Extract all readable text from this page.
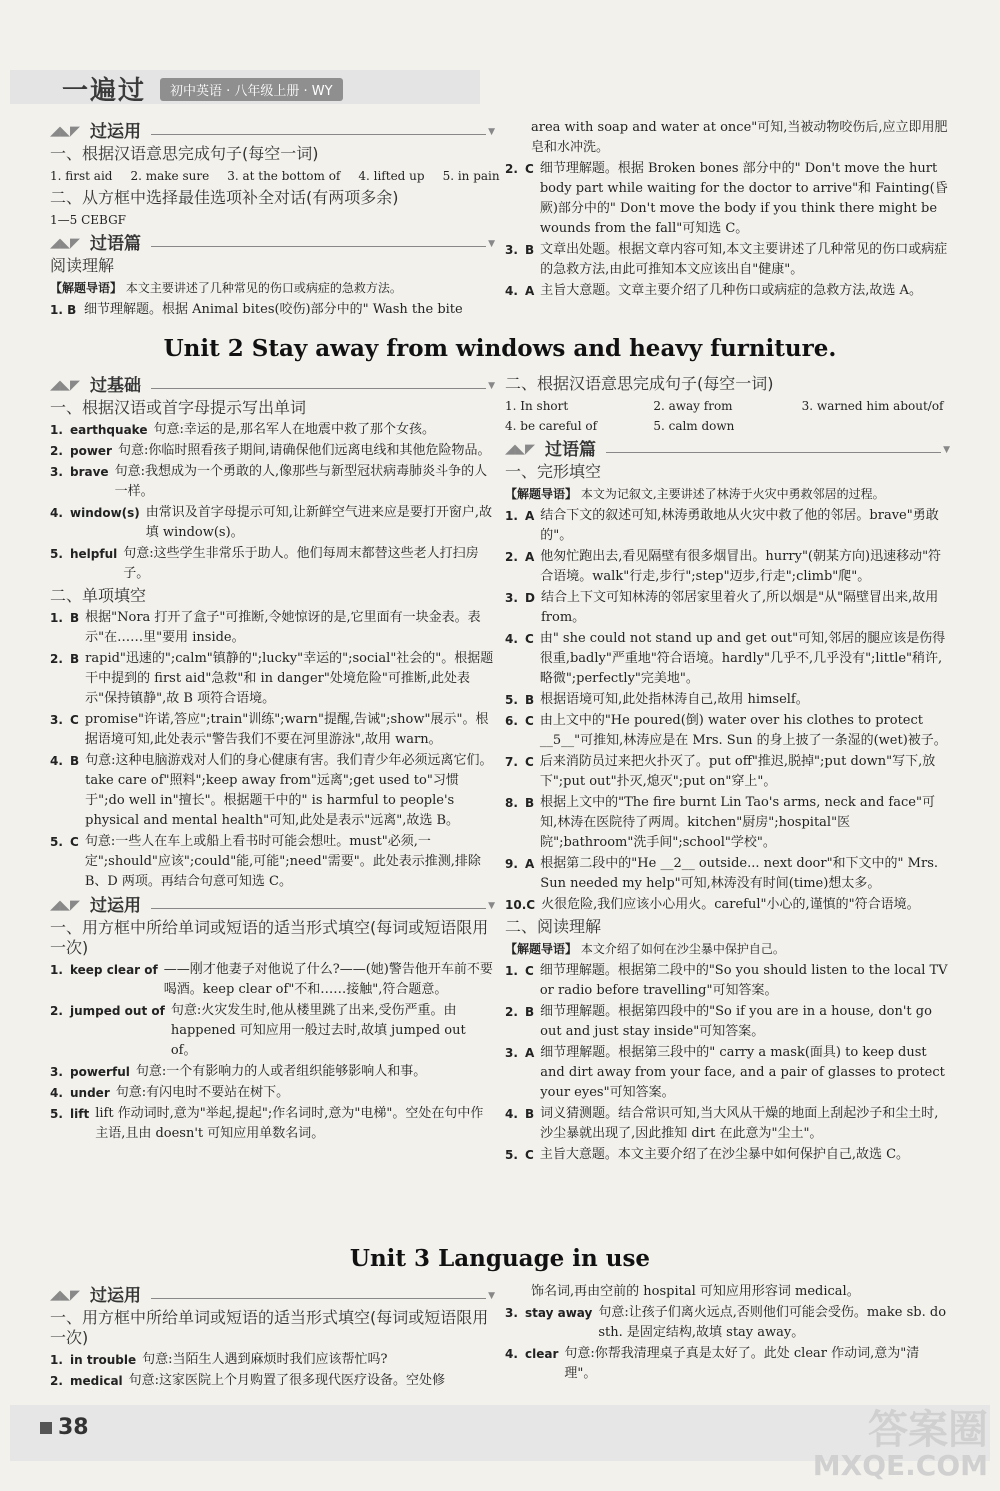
一遍过	初中英语 · 八年级上册 · WY
◢◣◤ 过运用	▼
一、根据汉语意思完成句子(每空一词)
1. first aid 2. make sure 3. at the bottom of 4. lifted up 5. in pain
二、从方框中选择最佳选项补全对话(有两项多余)
1—5 CEBGF
◢◣◤ 过语篇	▼
阅读理解
【解题导语】 本文主要讲述了几种常见的伤口或病症的急救方法。
1. B 细节理解题。根据 Animal bites(咬伤)部分中的" Wash the bite
area with soap and water at once"可知,当被动物咬伤后,应立即用肥皂和水冲洗。
2. C 细节理解题。根据 Broken bones 部分中的" Don't move the hurt body part while waiting for the doctor to arrive"和 Fainting(昏厥)部分中的" Don't move the body if you think there might be wounds from the fall"可知选 C。
3. B 文章出处题。根据文章内容可知,本文主要讲述了几种常见的伤口或病症的急救方法,由此可推知本文应该出自"健康"。
4. A 主旨大意题。文章主要介绍了几种伤口或病症的急救方法,故选 A。
Unit 2 Stay away from windows and heavy furniture.
◢◣◤ 过基础	▼
一、根据汉语或首字母提示写出单词
1. earthquake 句意:幸运的是,那名军人在地震中救了那个女孩。
2. power 句意:你临时照看孩子期间,请确保他们远离电线和其他危险物品。
3. brave 句意:我想成为一个勇敢的人,像那些与新型冠状病毒肺炎斗争的人一样。
4. window(s) 由常识及首字母提示可知,让新鲜空气进来应是要打开窗户,故填 window(s)。
5. helpful 句意:这些学生非常乐于助人。他们每周末都替这些老人打扫房子。
二、单项填空
1. B 根据"Nora 打开了盒子"可推断,令她惊讶的是,它里面有一块金表。表示"在……里"要用 inside。
2. B rapid"迅速的";calm"镇静的";lucky"幸运的";social"社会的"。根据题干中提到的 first aid"急救"和 in danger"处境危险"可推断,此处表示"保持镇静",故 B 项符合语境。
3. C promise"许诺,答应";train"训练";warn"提醒,告诫";show"展示"。根据语境可知,此处表示"警告我们不要在河里游泳",故用 warn。
4. B 句意:这种电脑游戏对人们的身心健康有害。我们青少年必须远离它们。take care of"照料";keep away from"远离";get used to"习惯于";do well in"擅长"。根据题干中的" is harmful to people's physical and mental health"可知,此处是表示"远离",故选 B。
5. C 句意:一些人在车上或船上看书时可能会想吐。must"必须,一定";should"应该";could"能,可能";need"需要"。此处表示推测,排除 B、D 两项。再结合句意可知选 C。
◢◣◤ 过运用	▼
一、用方框中所给单词或短语的适当形式填空(每词或短语限用一次)
1. keep clear of ——刚才他妻子对他说了什么?——(她)警告他开车前不要喝酒。keep clear of"不和……接触",符合题意。
2. jumped out of 句意:火灾发生时,他从楼里跳了出来,受伤严重。由 happened 可知应用一般过去时,故填 jumped out of。
3. powerful 句意:一个有影响力的人或者组织能够影响人和事。
4. under 句意:有闪电时不要站在树下。
5. lift lift 作动词时,意为"举起,提起";作名词时,意为"电梯"。空处在句中作主语,且由 doesn't 可知应用单数名词。
二、根据汉语意思完成句子(每空一词)
1. In short	2. away from	3. warned him about/of
4. be careful of	5. calm down
◢◣◤ 过语篇	▼
一、完形填空
【解题导语】 本文为记叙文,主要讲述了林涛于火灾中勇救邻居的过程。
1. A 结合下文的叙述可知,林涛勇敢地从火灾中救了他的邻居。brave"勇敢的"。
2. A 他匆忙跑出去,看见隔壁有很多烟冒出。hurry"(朝某方向)迅速移动"符合语境。walk"行走,步行";step"迈步,行走";climb"爬"。
3. D 结合上下文可知林涛的邻居家里着火了,所以烟是"从"隔壁冒出来,故用 from。
4. C 由" she could not stand up and get out"可知,邻居的腿应该是伤得很重,badly"严重地"符合语境。hardly"几乎不,几乎没有";little"稍许,略微";perfectly"完美地"。
5. B 根据语境可知,此处指林涛自己,故用 himself。
6. C 由上文中的"He poured(倒) water over his clothes to protect __5__"可推知,林涛应是在 Mrs. Sun 的身上披了一条湿的(wet)被子。
7. C 后来消防员过来把火扑灭了。put off"推迟,脱掉";put down"写下,放下";put out"扑灭,熄灭";put on"穿上"。
8. B 根据上文中的"The fire burnt Lin Tao's arms, neck and face"可知,林涛在医院待了两周。kitchen"厨房";hospital"医院";bathroom"洗手间";school"学校"。
9. A 根据第二段中的"He __2__ outside... next door"和下文中的" Mrs. Sun needed my help"可知,林涛没有时间(time)想太多。
10. C 火很危险,我们应该小心用火。careful"小心的,谨慎的"符合语境。
二、阅读理解
【解题导语】 本文介绍了如何在沙尘暴中保护自己。
1. C 细节理解题。根据第二段中的"So you should listen to the local TV or radio before travelling"可知答案。
2. B 细节理解题。根据第四段中的"So if you are in a house, don't go out and just stay inside"可知答案。
3. A 细节理解题。根据第三段中的" carry a mask(面具) to keep dust and dirt away from your face, and a pair of glasses to protect your eyes"可知答案。
4. B 词义猜测题。结合常识可知,当大风从干燥的地面上刮起沙子和尘土时,沙尘暴就出现了,因此推知 dirt 在此意为"尘土"。
5. C 主旨大意题。本文主要介绍了在沙尘暴中如何保护自己,故选 C。
Unit 3 Language in use
◢◣◤ 过运用	▼
一、用方框中所给单词或短语的适当形式填空(每词或短语限用一次)
1. in trouble 句意:当陌生人遇到麻烦时我们应该帮忙吗?
2. medical 句意:这家医院上个月购置了很多现代医疗设备。空处修
饰名词,再由空前的 hospital 可知应用形容词 medical。
3. stay away 句意:让孩子们离火远点,否则他们可能会受伤。make sb. do sth. 是固定结构,故填 stay away。
4. clear 句意:你帮我清理桌子真是太好了。此处 clear 作动词,意为"清理"。
38	答案圈
MXQE.COM
